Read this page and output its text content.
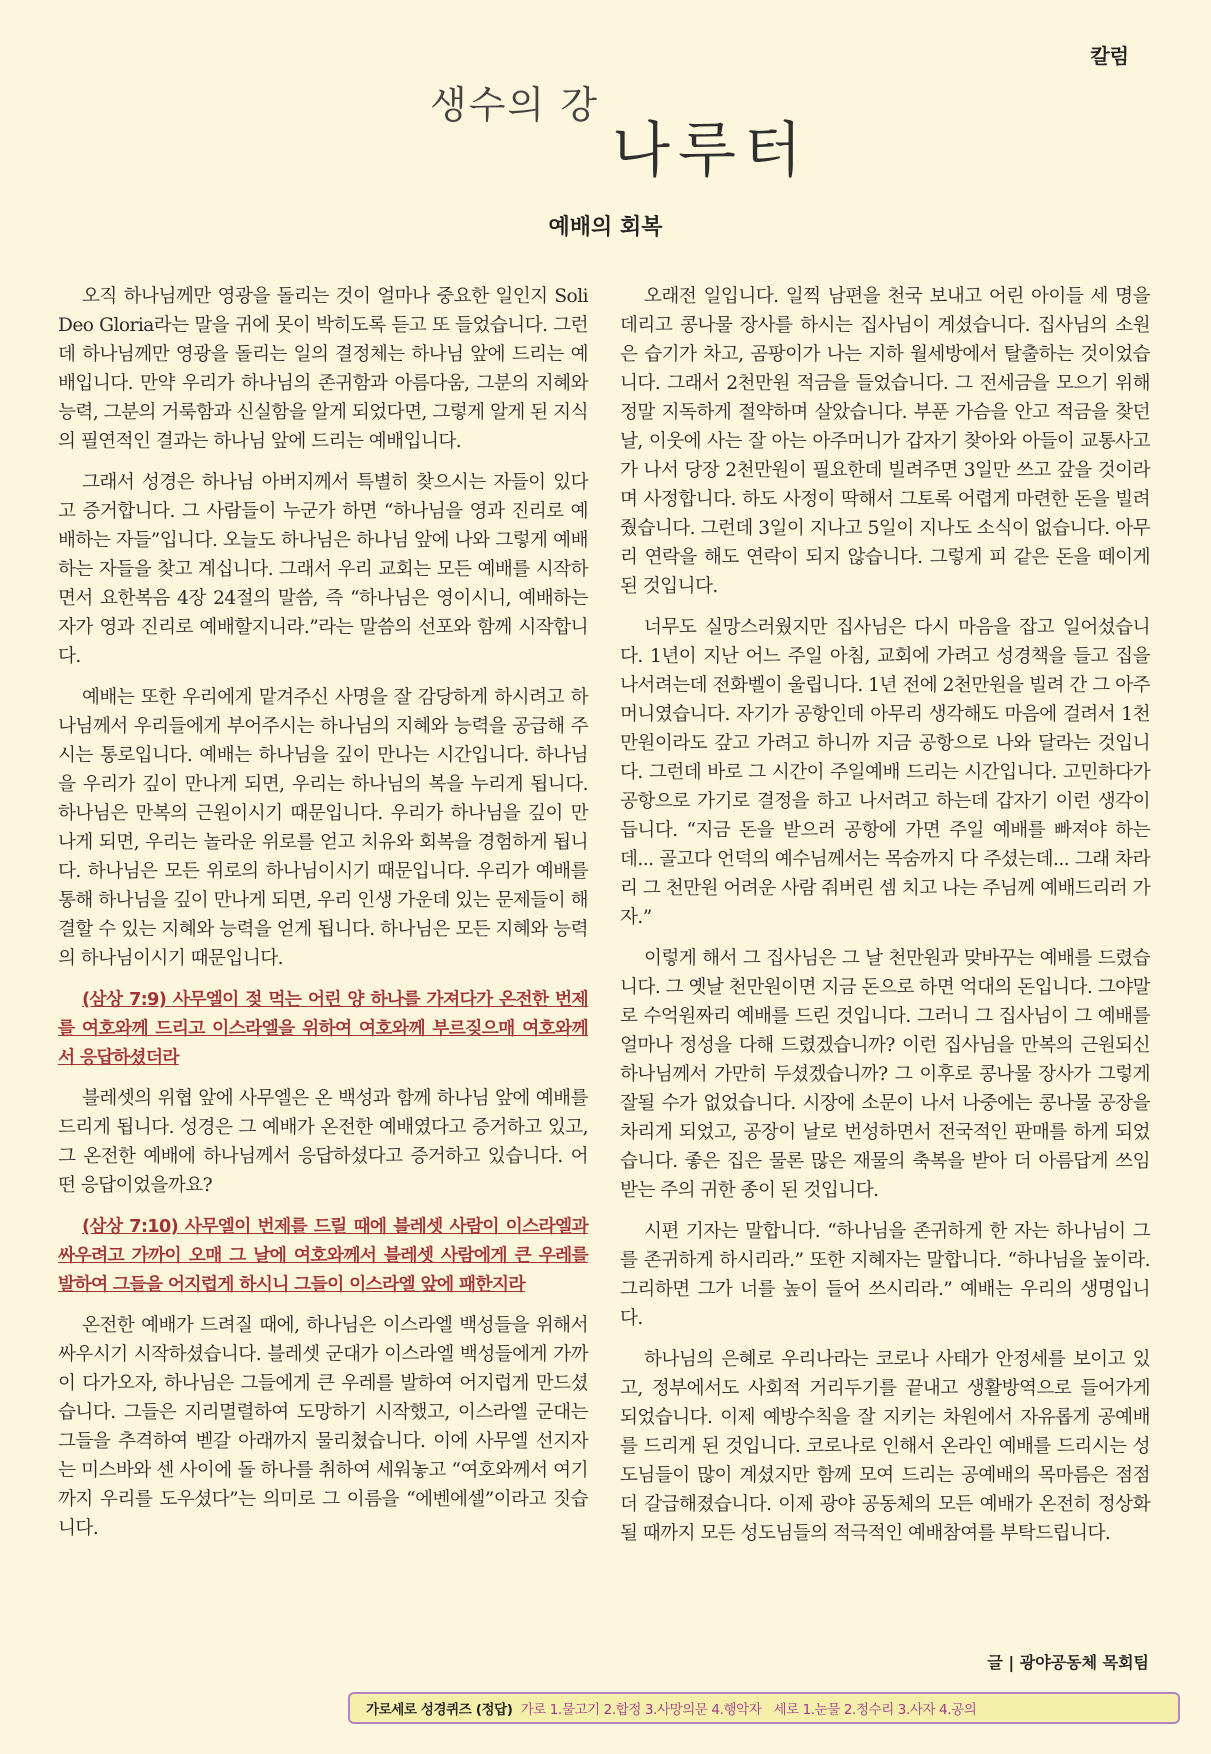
칼럼
생수의 강
나루터
예배의 회복

오직 하나님께만 영광을 돌리는 것이 얼마나 중요한 일인지 Soli Deo Gloria라는 말을 귀에 못이 박히도록 듣고 또 들었습니다. 그런데 하나님께만 영광을 돌리는 일의 결정체는 하나님 앞에 드리는 예배입니다. 만약 우리가 하나님의 존귀함과 아름다움, 그분의 지혜와 능력, 그분의 거룩함과 신실함을 알게 되었다면, 그렇게 알게 된 지식의 필연적인 결과는 하나님 앞에 드리는 예배입니다.

그래서 성경은 하나님 아버지께서 특별히 찾으시는 자들이 있다고 증거합니다. 그 사람들이 누군가 하면 “하나님을 영과 진리로 예배하는 자들”입니다. 오늘도 하나님은 하나님 앞에 나와 그렇게 예배하는 자들을 찾고 계십니다. 그래서 우리 교회는 모든 예배를 시작하면서 요한복음 4장 24절의 말씀, 즉 “하나님은 영이시니, 예배하는 자가 영과 진리로 예배할지니라.”라는 말씀의 선포와 함께 시작합니다.

예배는 또한 우리에게 맡겨주신 사명을 잘 감당하게 하시려고 하나님께서 우리들에게 부어주시는 하나님의 지혜와 능력을 공급해 주시는 통로입니다. 예배는 하나님을 깊이 만나는 시간입니다. 하나님을 우리가 깊이 만나게 되면, 우리는 하나님의 복을 누리게 됩니다. 하나님은 만복의 근원이시기 때문입니다. 우리가 하나님을 깊이 만나게 되면, 우리는 놀라운 위로를 얻고 치유와 회복을 경험하게 됩니다. 하나님은 모든 위로의 하나님이시기 때문입니다. 우리가 예배를 통해 하나님을 깊이 만나게 되면, 우리 인생 가운데 있는 문제들이 해결할 수 있는 지혜와 능력을 얻게 됩니다. 하나님은 모든 지혜와 능력의 하나님이시기 때문입니다.

(삼상 7:9) 사무엘이 젖 먹는 어린 양 하나를 가져다가 온전한 번제를 여호와께 드리고 이스라엘을 위하여 여호와께 부르짖으매 여호와께서 응답하셨더라

블레셋의 위협 앞에 사무엘은 온 백성과 함께 하나님 앞에 예배를 드리게 됩니다. 성경은 그 예배가 온전한 예배였다고 증거하고 있고, 그 온전한 예배에 하나님께서 응답하셨다고 증거하고 있습니다. 어떤 응답이었을까요?

(삼상 7:10) 사무엘이 번제를 드릴 때에 블레셋 사람이 이스라엘과 싸우려고 가까이 오매 그 날에 여호와께서 블레셋 사람에게 큰 우레를 발하여 그들을 어지럽게 하시니 그들이 이스라엘 앞에 패한지라

온전한 예배가 드려질 때에, 하나님은 이스라엘 백성들을 위해서 싸우시기 시작하셨습니다. 블레셋 군대가 이스라엘 백성들에게 가까이 다가오자, 하나님은 그들에게 큰 우레를 발하여 어지럽게 만드셨습니다. 그들은 지리멸렬하여 도망하기 시작했고, 이스라엘 군대는 그들을 추격하여 벧갈 아래까지 물리쳤습니다. 이에 사무엘 선지자는 미스바와 센 사이에 돌 하나를 취하여 세워놓고 “여호와께서 여기까지 우리를 도우셨다”는 의미로 그 이름을 “에벤에셀”이라고 짓습니다.

오래전 일입니다. 일찍 남편을 천국 보내고 어린 아이들 세 명을 데리고 콩나물 장사를 하시는 집사님이 계셨습니다. 집사님의 소원은 습기가 차고, 곰팡이가 나는 지하 월세방에서 탈출하는 것이었습니다. 그래서 2천만원 적금을 들었습니다. 그 전세금을 모으기 위해 정말 지독하게 절약하며 살았습니다. 부푼 가슴을 안고 적금을 찾던 날, 이웃에 사는 잘 아는 아주머니가 갑자기 찾아와 아들이 교통사고가 나서 당장 2천만원이 필요한데 빌려주면 3일만 쓰고 갚을 것이라며 사정합니다. 하도 사정이 딱해서 그토록 어렵게 마련한 돈을 빌려줬습니다. 그런데 3일이 지나고 5일이 지나도 소식이 없습니다. 아무리 연락을 해도 연락이 되지 않습니다. 그렇게 피 같은 돈을 떼이게 된 것입니다.

너무도 실망스러웠지만 집사님은 다시 마음을 잡고 일어섰습니다. 1년이 지난 어느 주일 아침, 교회에 가려고 성경책을 들고 집을 나서려는데 전화벨이 울립니다. 1년 전에 2천만원을 빌려 간 그 아주머니였습니다. 자기가 공항인데 아무리 생각해도 마음에 걸려서 1천만원이라도 갚고 가려고 하니까 지금 공항으로 나와 달라는 것입니다. 그런데 바로 그 시간이 주일예배 드리는 시간입니다. 고민하다가 공항으로 가기로 결정을 하고 나서려고 하는데 갑자기 이런 생각이 듭니다. “지금 돈을 받으러 공항에 가면 주일 예배를 빠져야 하는데... 골고다 언덕의 예수님께서는 목숨까지 다 주셨는데... 그래 차라리 그 천만원 어려운 사람 줘버린 셈 치고 나는 주님께 예배드리러 가자.”

이렇게 해서 그 집사님은 그 날 천만원과 맞바꾸는 예배를 드렸습니다. 그 옛날 천만원이면 지금 돈으로 하면 억대의 돈입니다. 그야말로 수억원짜리 예배를 드린 것입니다. 그러니 그 집사님이 그 예배를 얼마나 정성을 다해 드렸겠습니까? 이런 집사님을 만복의 근원되신 하나님께서 가만히 두셨겠습니까? 그 이후로 콩나물 장사가 그렇게 잘될 수가 없었습니다. 시장에 소문이 나서 나중에는 콩나물 공장을 차리게 되었고, 공장이 날로 번성하면서 전국적인 판매를 하게 되었습니다. 좋은 집은 물론 많은 재물의 축복을 받아 더 아름답게 쓰임 받는 주의 귀한 종이 된 것입니다.

시편 기자는 말합니다. “하나님을 존귀하게 한 자는 하나님이 그를 존귀하게 하시리라.” 또한 지혜자는 말합니다. “하나님을 높이라. 그리하면 그가 너를 높이 들어 쓰시리라.” 예배는 우리의 생명입니다.

하나님의 은혜로 우리나라는 코로나 사태가 안정세를 보이고 있고, 정부에서도 사회적 거리두기를 끝내고 생활방역으로 들어가게 되었습니다. 이제 예방수칙을 잘 지키는 차원에서 자유롭게 공예배를 드리게 된 것입니다. 코로나로 인해서 온라인 예배를 드리시는 성도님들이 많이 계셨지만 함께 모여 드리는 공예배의 목마름은 점점 더 갈급해졌습니다. 이제 광야 공동체의 모든 예배가 온전히 정상화 될 때까지 모든 성도님들의 적극적인 예배참여를 부탁드립니다.

글 | 광야공동체 목회팀
가로세로 성경퀴즈 (정답) 가로 1.물고기 2.합정 3.사망의문 4.행악자 세로 1.눈물 2.정수리 3.사자 4.공의
